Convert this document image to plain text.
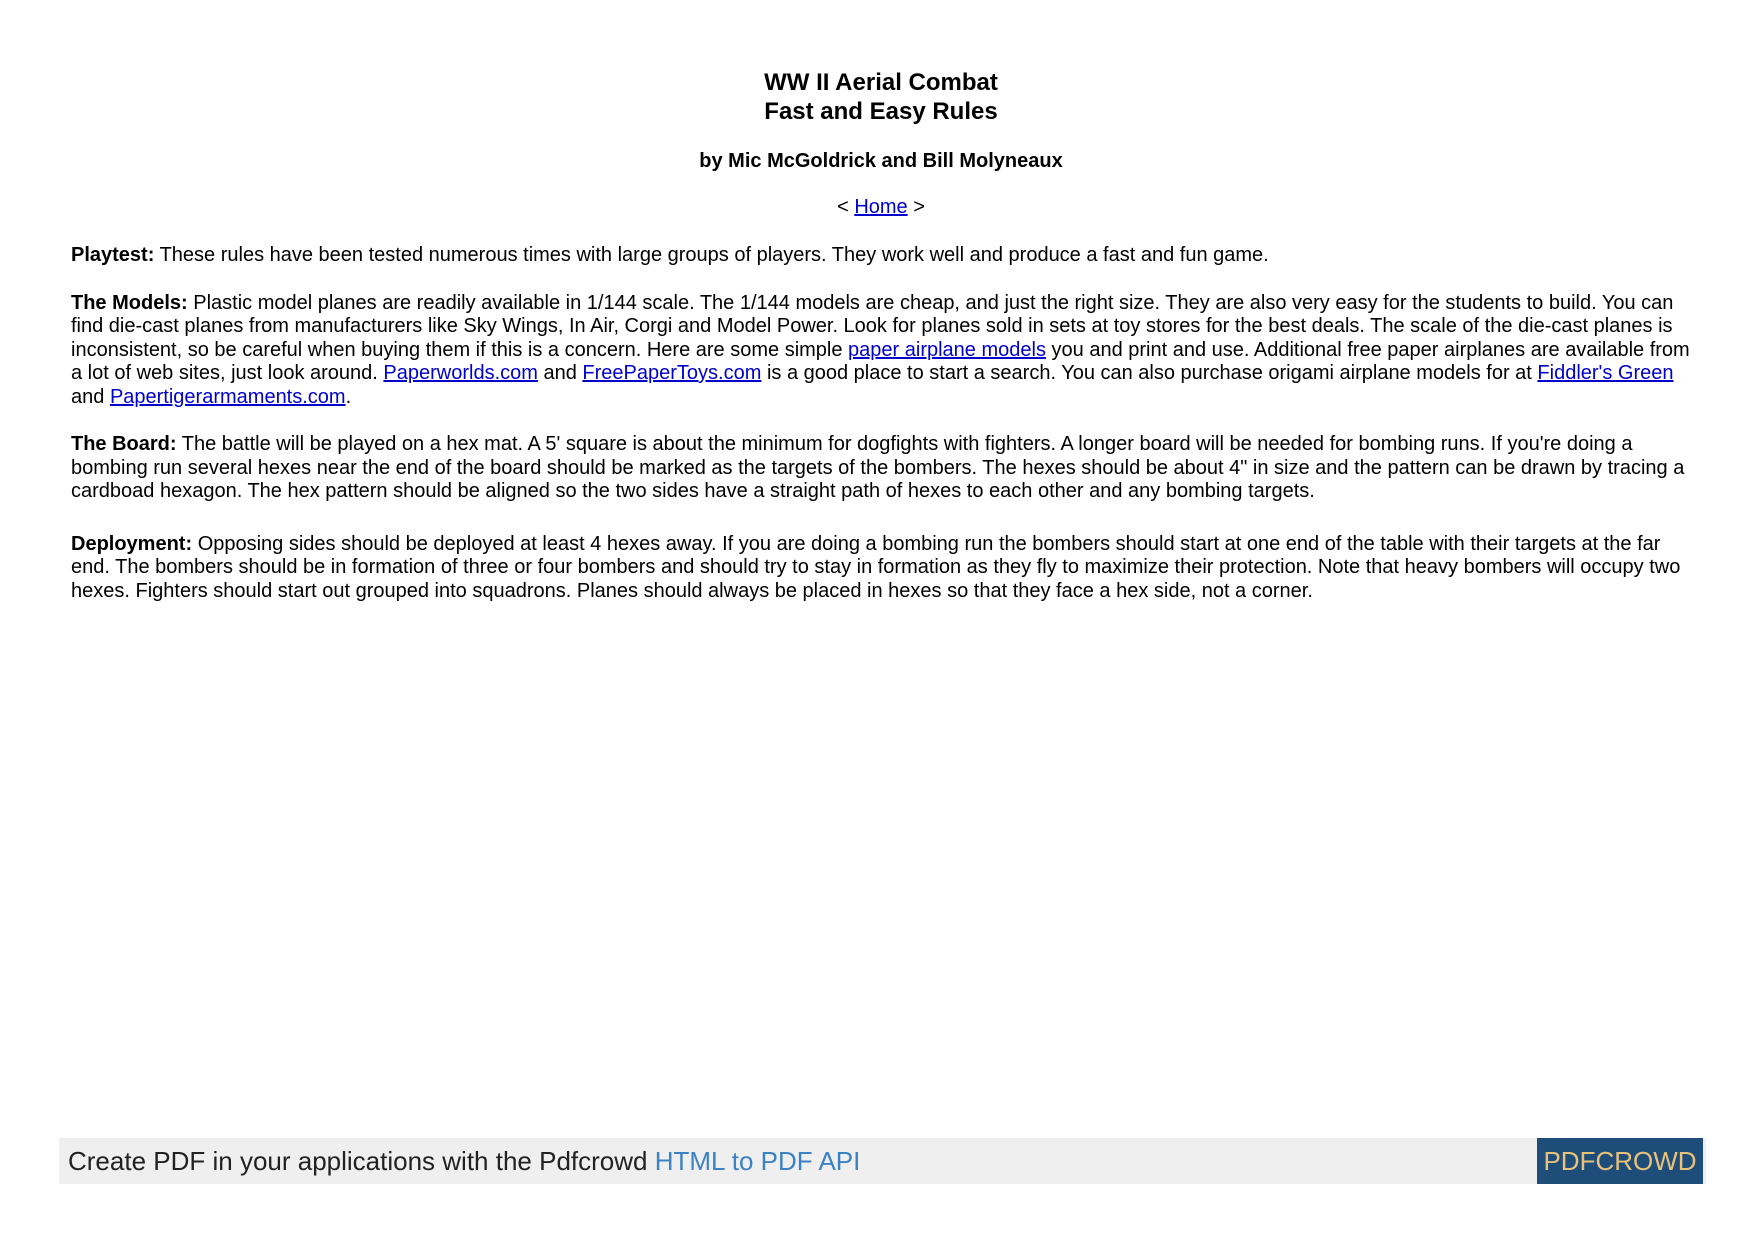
WW II Aerial Combat
Fast and Easy Rules
by Mic McGoldrick and Bill Molyneaux
< Home >

Playtest: These rules have been tested numerous times with large groups of players. They work well and produce a fast and fun game.

The Models: Plastic model planes are readily available in 1/144 scale. The 1/144 models are cheap, and just the right size. They are also very easy for the students to build. You can find die-cast planes from manufacturers like Sky Wings, In Air, Corgi and Model Power. Look for planes sold in sets at toy stores for the best deals. The scale of the die-cast planes is inconsistent, so be careful when buying them if this is a concern. Here are some simple paper airplane models you and print and use. Additional free paper airplanes are available from a lot of web sites, just look around. Paperworlds.com and FreePaperToys.com is a good place to start a search. You can also purchase origami airplane models for at Fiddler's Green and Papertigerarmaments.com.

The Board: The battle will be played on a hex mat. A 5' square is about the minimum for dogfights with fighters. A longer board will be needed for bombing runs. If you're doing a bombing run several hexes near the end of the board should be marked as the targets of the bombers. The hexes should be about 4" in size and the pattern can be drawn by tracing a cardboad hexagon. The hex pattern should be aligned so the two sides have a straight path of hexes to each other and any bombing targets.

Deployment: Opposing sides should be deployed at least 4 hexes away. If you are doing a bombing run the bombers should start at one end of the table with their targets at the far end. The bombers should be in formation of three or four bombers and should try to stay in formation as they fly to maximize their protection. Note that heavy bombers will occupy two hexes. Fighters should start out grouped into squadrons. Planes should always be placed in hexes so that they face a hex side, not a corner.

Create PDF in your applications with the Pdfcrowd HTML to PDF API	PDFCROWD
